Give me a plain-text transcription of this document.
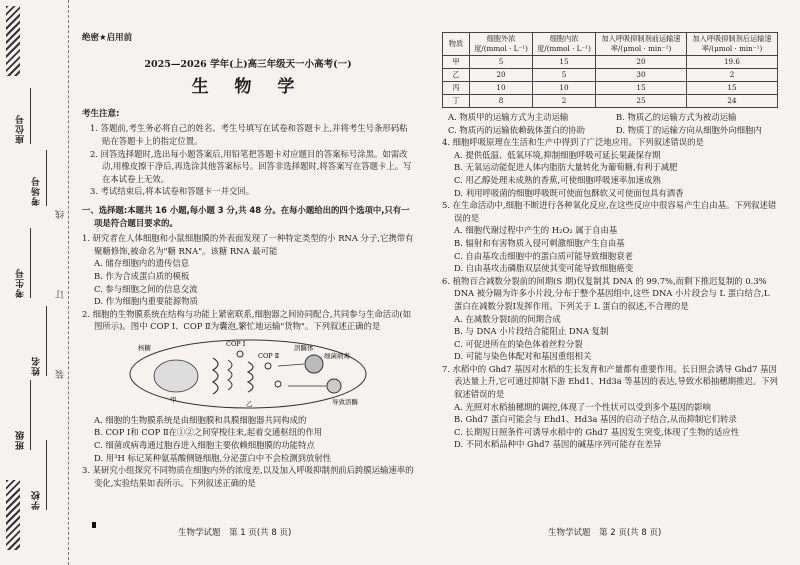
座位号
考场号
考生号
姓名
班级
学校
线
订
装

绝密★启用前

2025—2026 学年(上)高三年级天一小高考(一)

生 物 学

考生注意:

1. 答题前,考生务必将自己的姓名、考生号填写在试卷和答题卡上,并将考生号条形码粘贴在答题卡上的指定位置。

2. 回答选择题时,选出每小题答案后,用铅笔把答题卡对应题目的答案标号涂黑。如需改动,用橡皮擦干净后,再选涂其他答案标号。回答非选择题时,将答案写在答题卡上。写在本试卷上无效。

3. 考试结束后,将本试卷和答题卡一并交回。

一、选择题:本题共 16 小题,每小题 3 分,共 48 分。在每小题给出的四个选项中,只有一项是符合题目要求的。

1. 研究者在人体细胞和小鼠细胞膜的外表面发现了一种特定类型的小 RNA 分子,它携带有聚糖修饰,被命名为"糖 RNA"。该糖 RNA 最可能

A. 储存细胞内的遗传信息

B. 作为合成蛋白质的模板

C. 参与细胞之间的信息交流

D. 作为细胞内重要能源物质

2. 细胞的生物膜系统在结构与功能上紧密联系,细胞器之间协同配合,共同参与生命活动(如图所示)。图中 COP Ⅰ、COP Ⅱ为囊泡,繁忙地运输"货物"。下列叙述正确的是

核糖	COP Ⅰ
COP Ⅱ
溶酶体
细菌病毒
导致溶酶
甲	乙

A. 细胞的生物膜系统是由细胞膜和具膜细胞器共同构成的

B. COP Ⅰ和 COP Ⅱ在①②之间穿梭往来,起着交通枢纽的作用

C. 细菌或病毒通过胞吞进入细胞主要依赖细胞膜的功能特点

D. 用³H 标记某种氨基酸侧链细胞,分泌蛋白中不会检测到放射性

3. 某研究小组探究不同物质在细胞内外的浓度差,以及加入呼吸抑制剂前后跨膜运输速率的变化,实验结果如表所示。下列叙述正确的是

物质	细胞外浓度/(mmol · L⁻¹)	细胞内浓度/(mmol · L⁻¹)	加入呼吸抑制剂前运输速率/(μmol · min⁻¹)	加入呼吸抑制剂后运输速率/(μmol · min⁻¹)
甲	5	15	20	19.6
乙	20	5	30	2
丙	10	10	15	15
丁	8	2	25	24

A. 物质甲的运输方式为主动运输	B. 物质乙的运输方式为被动运输

C. 物质丙的运输依赖载体蛋白的协助	D. 物质丁的运输方向从细胞外向细胞内

4. 细胞呼吸原理在生活和生产中得到了广泛地应用。下列叙述错误的是

A. 提供低温、低氧环境,抑制细胞呼吸可延长果蔬保存期

B. 无氧运动能促进人体内脂肪大量转化为葡萄糖,有利于减肥

C. 用乙醇处理未成熟的香蕉,可使细胞呼吸速率加速成熟

D. 利用呼吸菌的细胞呼吸既可使面包酥软又可使面包具有酒香

5. 在生命活动中,细胞不断进行各种氧化反应,在这些反应中很容易产生自由基。下列叙述错误的是

A. 细胞代谢过程中产生的 H₂O₂ 属于自由基

B. 辐射和有害物质入侵可刺激细胞产生自由基

C. 自由基攻击细胞中的蛋白质可能导致细胞衰老

D. 自由基攻击磷脂双层使其变可能导致细胞癌变

6. 植物百合减数分裂前的间期(S 期)仅复制其 DNA 的 99.7%,而剩下推迟复制的 0.3% DNA 被分隔为许多小片段,分布于整个基因组中,这些 DNA 小片段会与 L 蛋白结合,L 蛋白在减数分裂Ⅰ发挥作用。下列关于 L 蛋白的叙述,不合理的是

A. 在减数分裂Ⅰ前的间期合成

B. 与 DNA 小片段结合能阻止 DNA 复制

C. 可促进所在的染色体着丝粒分裂

D. 可能与染色体配对和基因重组相关

7. 水稻中的 Ghd7 基因对水稻的生长发育和产量都有重要作用。长日照会诱导 Ghd7 基因表达量上升,它可通过抑制下游 Ehd1、Hd3a 等基因的表达,导致水稻抽穗期推迟。下列叙述错误的是

A. 光照对水稻抽穗期的调控,体现了一个性状可以受到多个基因的影响

B. Ghd7 蛋白可能会与 Ehd1、Hd3a 基因的启动子结合,从而抑制它们转录

C. 长期短日照条件可诱导水稻中的 Ghd7 基因发生突变,体现了生物的适应性

D. 不同水稻品种中 Ghd7 基因的碱基序列可能存在差异

生物学试题　第 1 页(共 8 页)	生物学试题　第 2 页(共 8 页)
